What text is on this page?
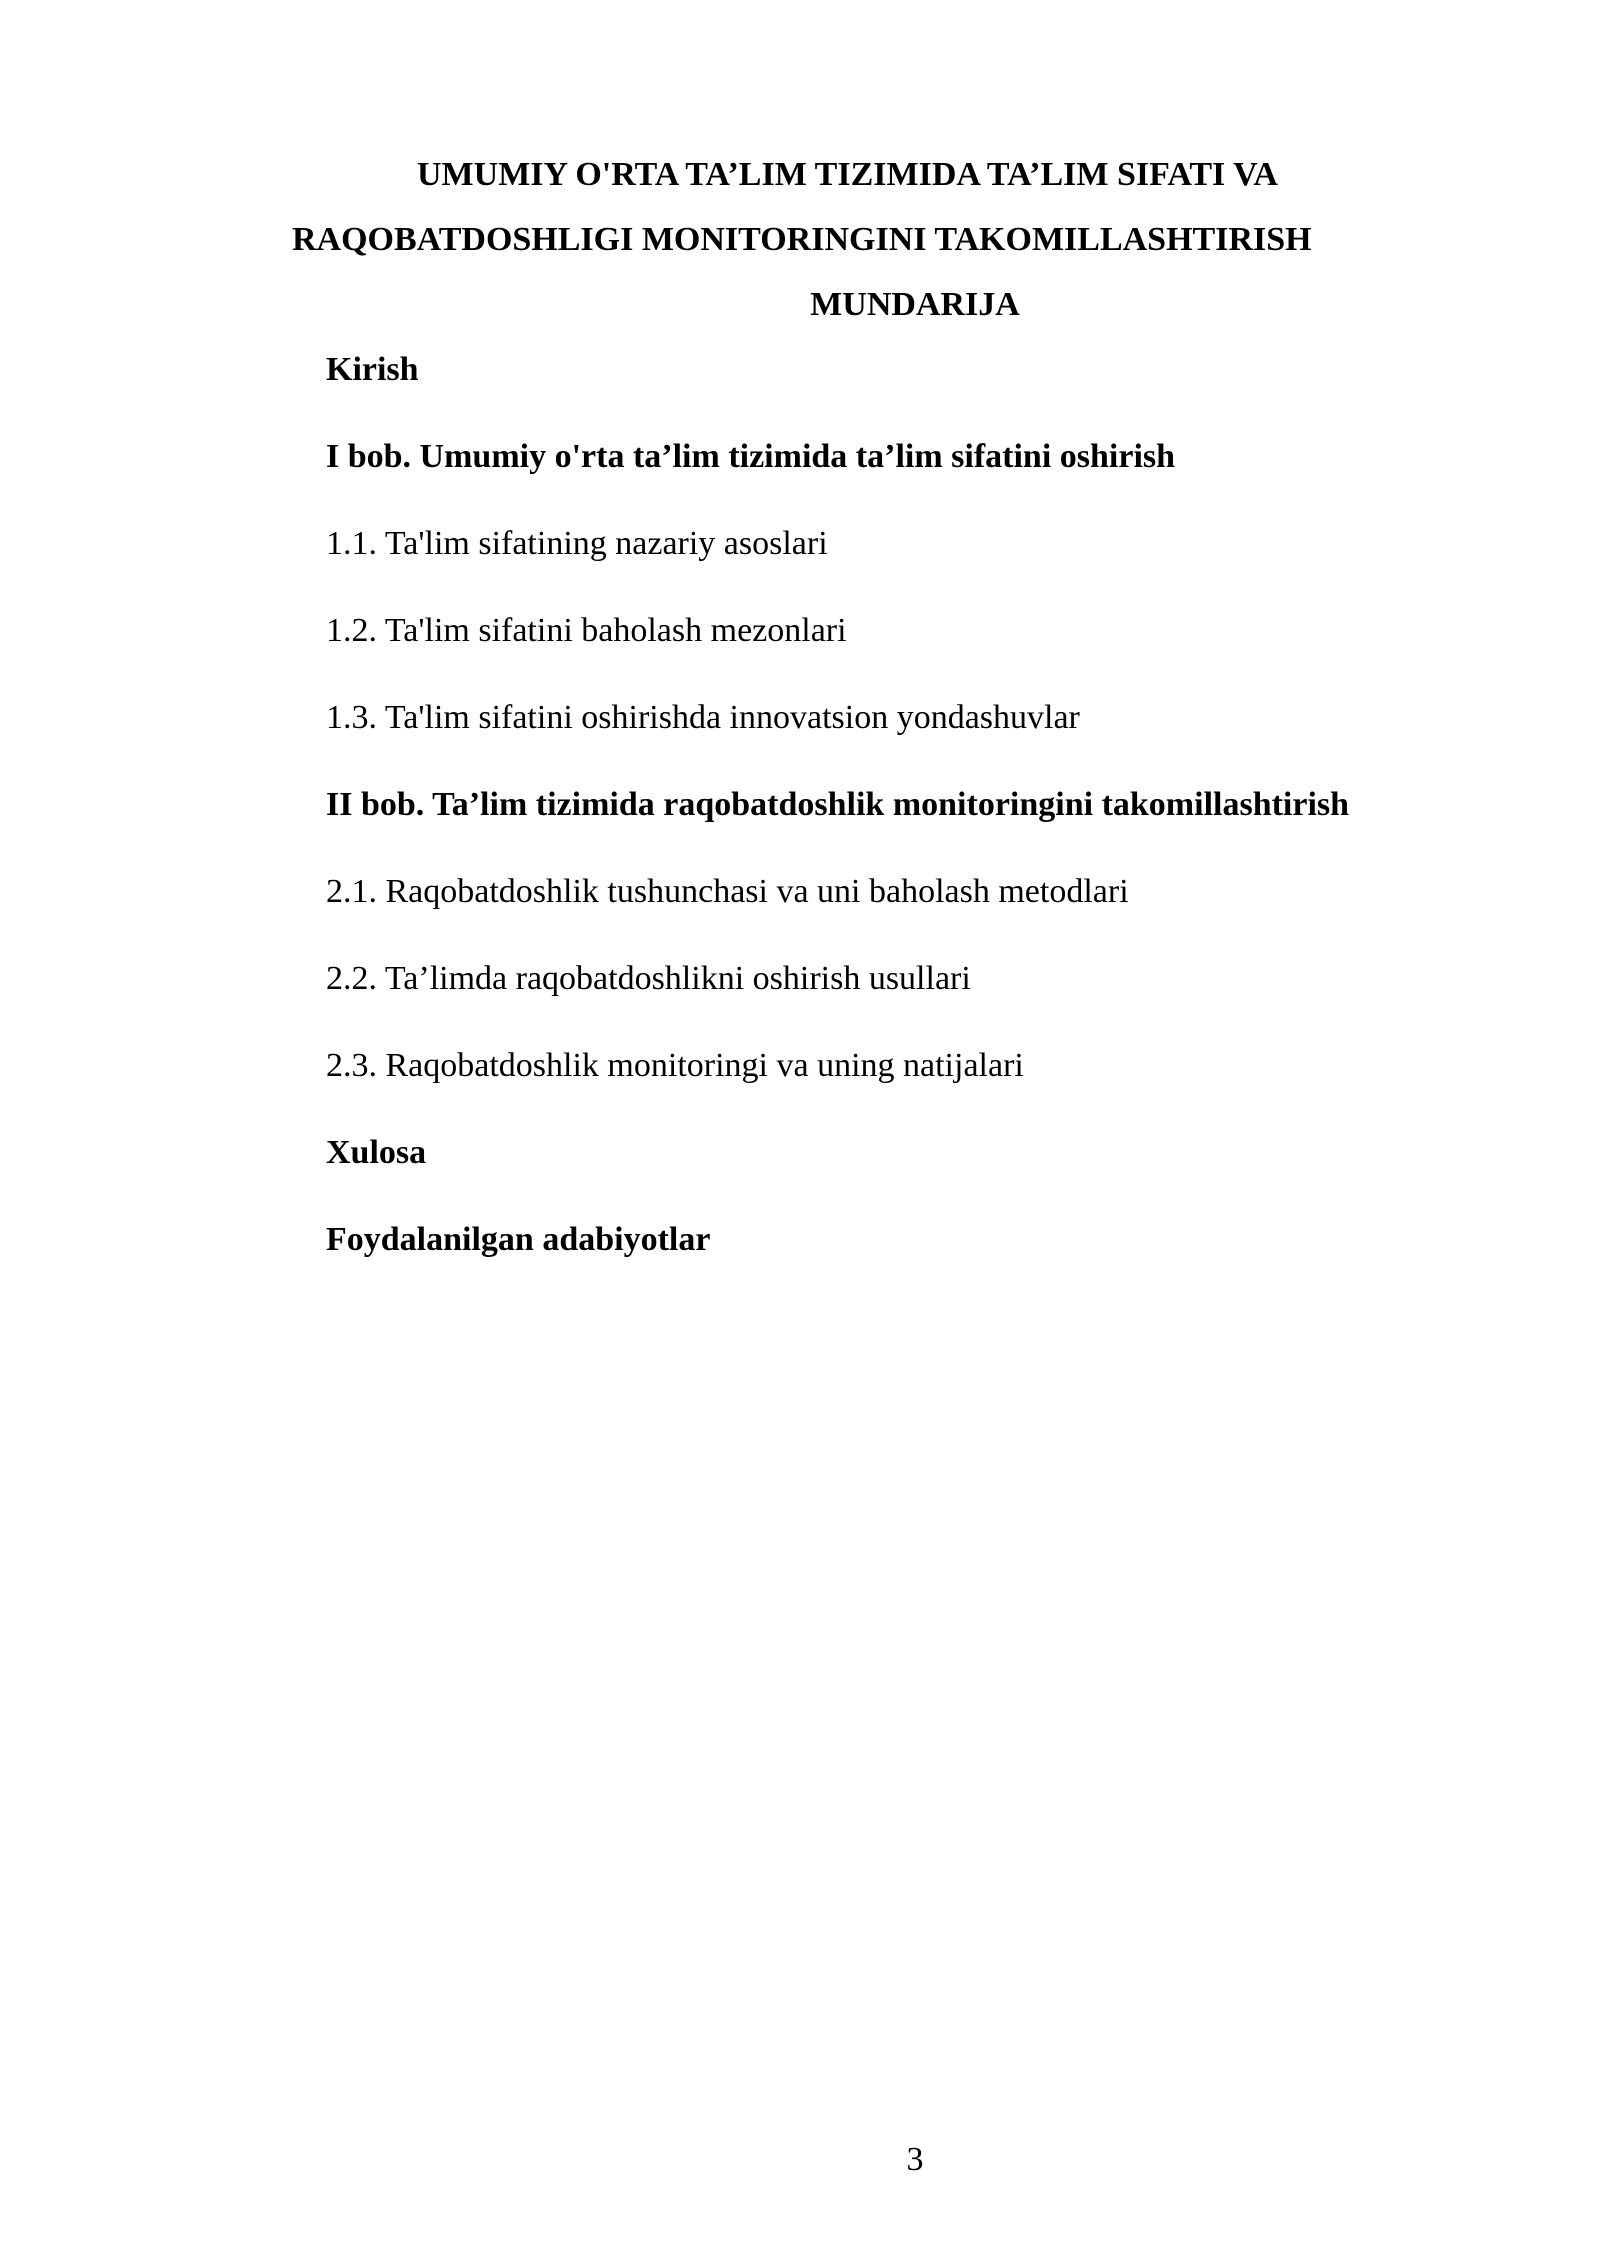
UMUMIY O'RTA TA’LIM TIZIMIDA TA’LIM SIFATI VA
RAQOBATDOSHLIGI MONITORINGINI TAKOMILLASHTIRISH
MUNDARIJA
Kirish
I bob. Umumiy o'rta ta’lim tizimida ta’lim sifatini oshirish
1.1. Ta'lim sifatining nazariy asoslari
1.2. Ta'lim sifatini baholash mezonlari
1.3. Ta'lim sifatini oshirishda innovatsion yondashuvlar
II bob. Ta’lim tizimida raqobatdoshlik monitoringini takomillashtirish
2.1. Raqobatdoshlik tushunchasi va uni baholash metodlari
2.2. Ta’limda raqobatdoshlikni oshirish usullari
2.3. Raqobatdoshlik monitoringi va uning natijalari
Xulosa
Foydalanilgan adabiyotlar
3
